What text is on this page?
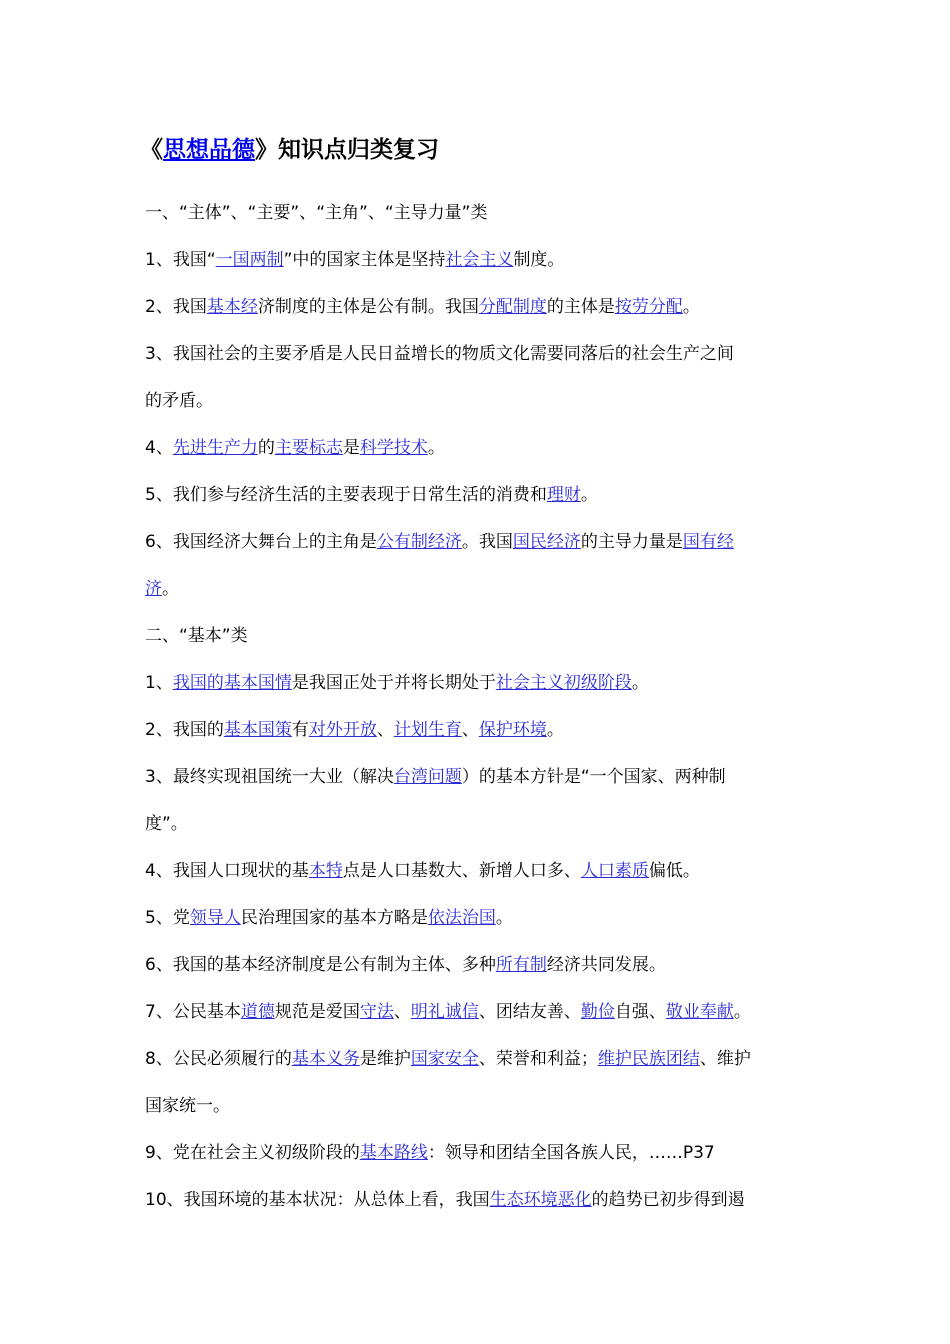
《思想品德》知识点归类复习

一、“主体”、“主要”、“主角”、“主导力量”类

1、我国“一国两制”中的国家主体是坚持社会主义制度。

2、我国基本经济制度的主体是公有制。我国分配制度的主体是按劳分配。

3、我国社会的主要矛盾是人民日益增长的物质文化需要同落后的社会生产之间

的矛盾。

4、先进生产力的主要标志是科学技术。

5、我们参与经济生活的主要表现于日常生活的消费和理财。

6、我国经济大舞台上的主角是公有制经济。我国国民经济的主导力量是国有经

济。

二、“基本”类

1、我国的基本国情是我国正处于并将长期处于社会主义初级阶段。

2、我国的基本国策有对外开放、计划生育、保护环境。

3、最终实现祖国统一大业（解决台湾问题）的基本方针是“一个国家、两种制

度”。

4、我国人口现状的基本特点是人口基数大、新增人口多、人口素质偏低。

5、党领导人民治理国家的基本方略是依法治国。

6、我国的基本经济制度是公有制为主体、多种所有制经济共同发展。

7、公民基本道德规范是爱国守法、明礼诚信、团结友善、勤俭自强、敬业奉献。

8、公民必须履行的基本义务是维护国家安全、荣誉和利益；维护民族团结、维护

国家统一。

9、党在社会主义初级阶段的基本路线：领导和团结全国各族人民，……P37

10、我国环境的基本状况：从总体上看，我国生态环境恶化的趋势已初步得到遏
